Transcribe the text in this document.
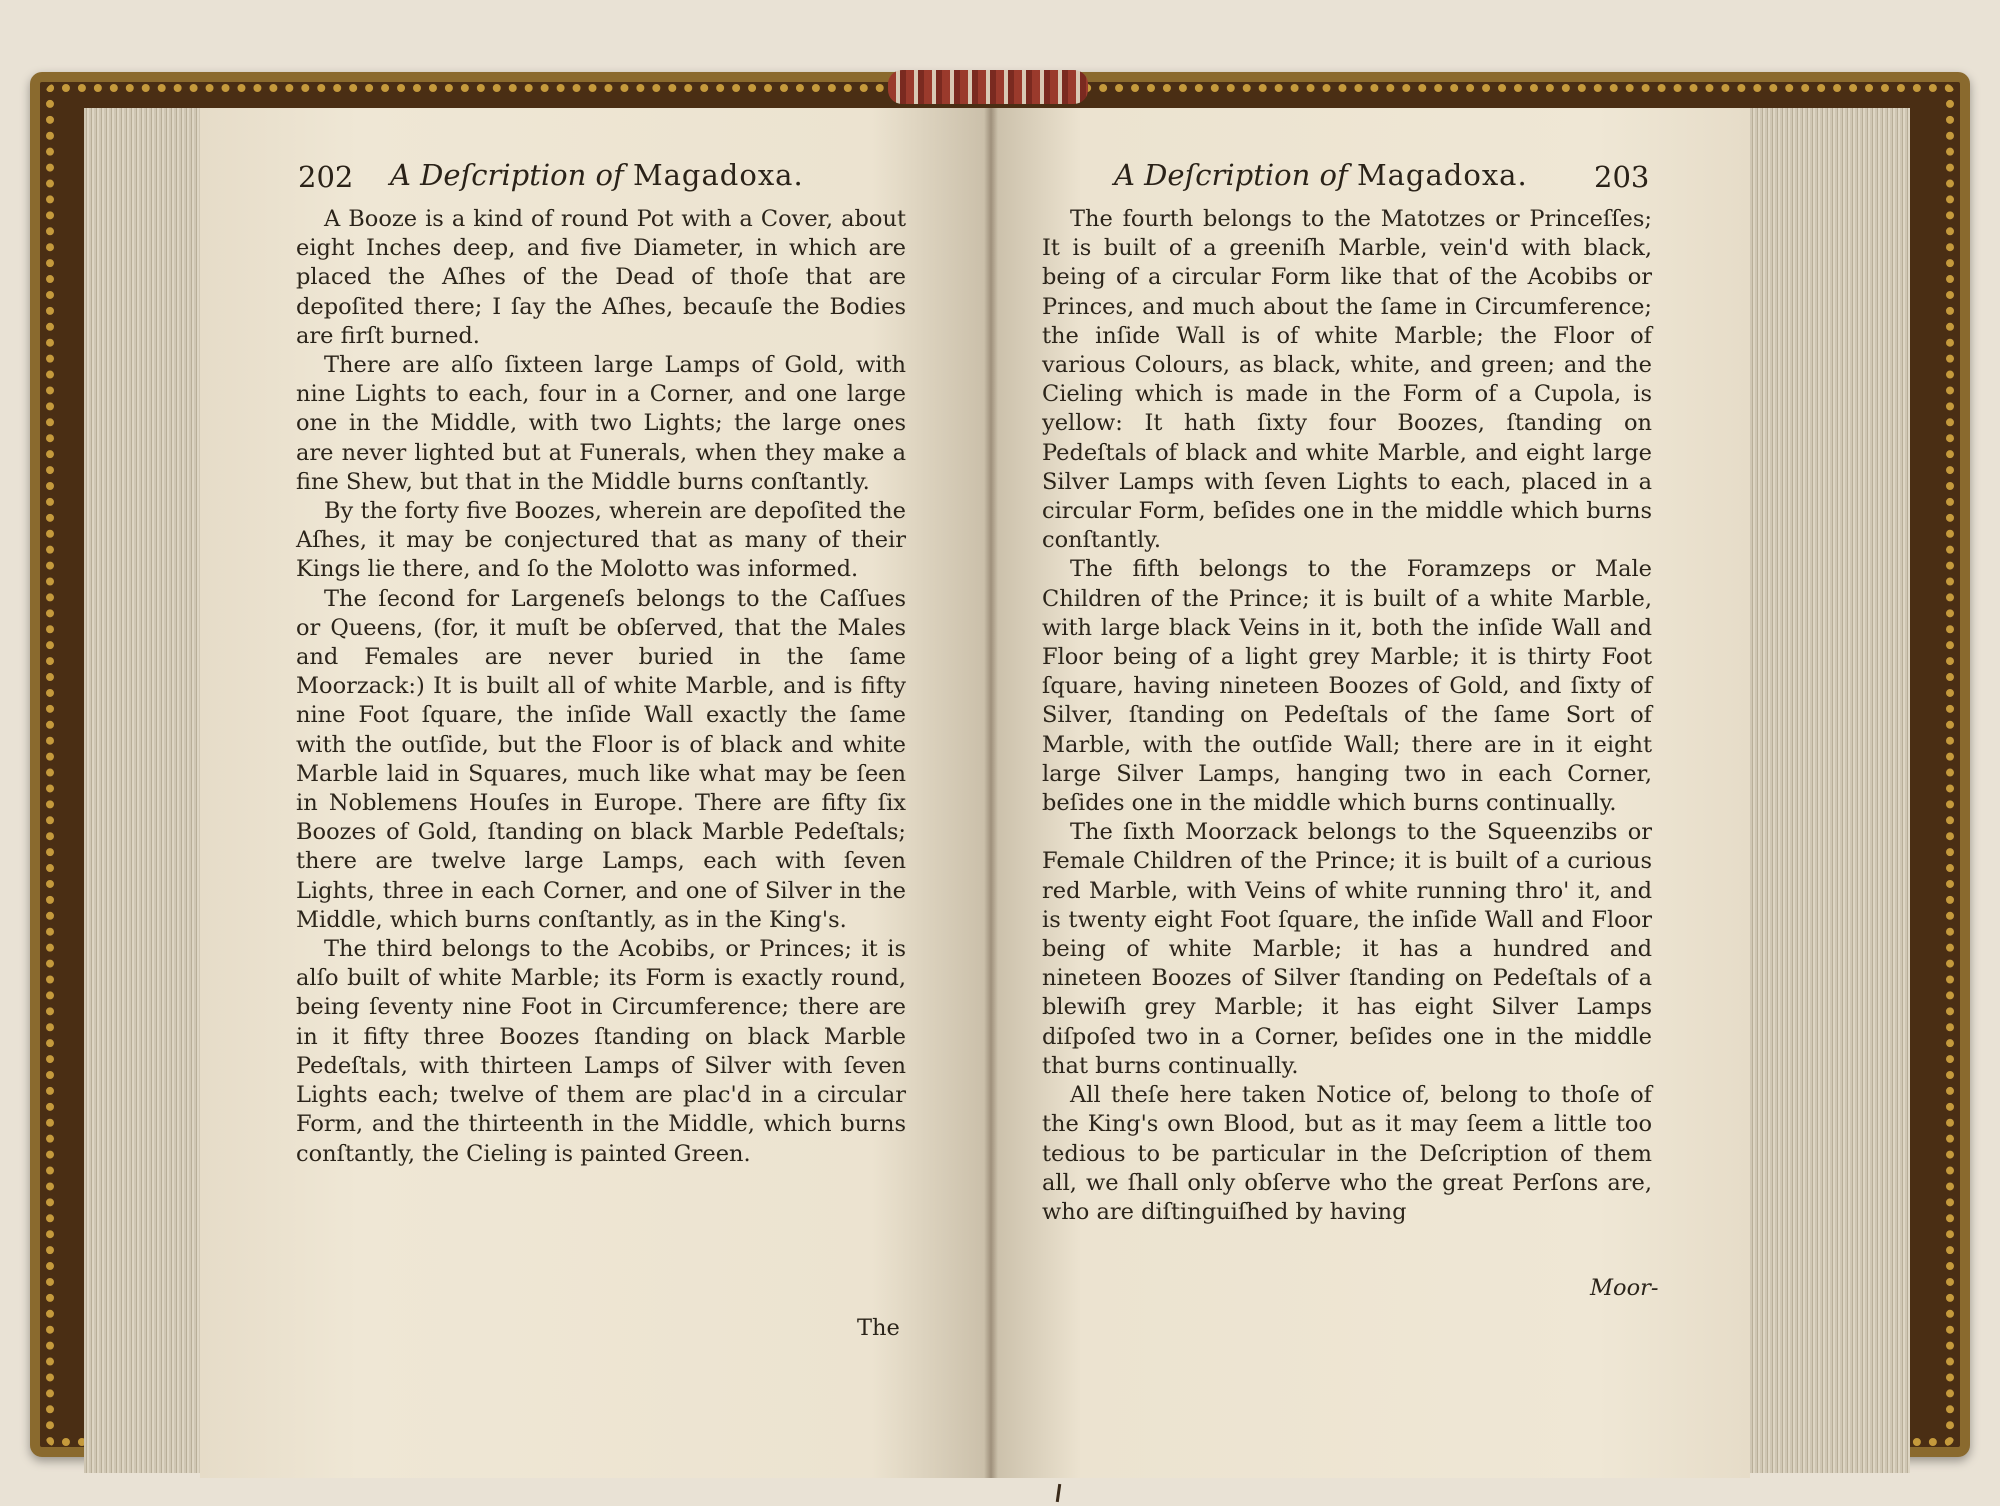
202 A Deſcription of Magadoxa.

A Booze is a kind of round Pot with a Cover, about eight Inches deep, and five Diameter, in which are placed the Aſhes of the Dead of thoſe that are depoſited there; I ſay the Aſhes, becauſe the Bodies are firſt burned.

There are alſo ſixteen large Lamps of Gold, with nine Lights to each, four in a Corner, and one large one in the Middle, with two Lights; the large ones are never lighted but at Funerals, when they make a fine Shew, but that in the Middle burns conſtantly.

By the forty five Boozes, wherein are depoſited the Aſhes, it may be conjectured that as many of their Kings lie there, and ſo the Molotto was informed.

The ſecond for Largeneſs belongs to the Caſſues or Queens, (for, it muſt be obſerved, that the Males and Females are never buried in the ſame Moorzack:) It is built all of white Marble, and is fifty nine Foot ſquare, the inſide Wall exactly the ſame with the outſide, but the Floor is of black and white Marble laid in Squares, much like what may be ſeen in Noblemens Houſes in Europe. There are fifty ſix Boozes of Gold, ſtanding on black Marble Pedeſtals; there are twelve large Lamps, each with ſeven Lights, three in each Corner, and one of Silver in the Middle, which burns conſtantly, as in the King's.

The third belongs to the Acobibs, or Princes; it is alſo built of white Marble; its Form is exactly round, being ſeventy nine Foot in Circumference; there are in it fifty three Boozes ſtanding on black Marble Pedeſtals, with thirteen Lamps of Silver with ſeven Lights each; twelve of them are plac'd in a circular Form, and the thirteenth in the Middle, which burns conſtantly, the Cieling is painted Green.

The
A Deſcription of Magadoxa. 203

The fourth belongs to the Matotzes or Princeſſes; It is built of a greeniſh Marble, vein'd with black, being of a circular Form like that of the Acobibs or Princes, and much about the ſame in Circumference; the inſide Wall is of white Marble; the Floor of various Colours, as black, white, and green; and the Cieling which is made in the Form of a Cupola, is yellow: It hath ſixty four Boozes, ſtanding on Pedeſtals of black and white Marble, and eight large Silver Lamps with ſeven Lights to each, placed in a circular Form, beſides one in the middle which burns conſtantly.

The fifth belongs to the Foramzeps or Male Children of the Prince; it is built of a white Marble, with large black Veins in it, both the inſide Wall and Floor being of a light grey Marble; it is thirty Foot ſquare, having nineteen Boozes of Gold, and ſixty of Silver, ſtanding on Pedeſtals of the ſame Sort of Marble, with the outſide Wall; there are in it eight large Silver Lamps, hanging two in each Corner, beſides one in the middle which burns continually.

The ſixth Moorzack belongs to the Squeenzibs or Female Children of the Prince; it is built of a curious red Marble, with Veins of white running thro' it, and is twenty eight Foot ſquare, the inſide Wall and Floor being of white Marble; it has a hundred and nineteen Boozes of Silver ſtanding on Pedeſtals of a blewiſh grey Marble; it has eight Silver Lamps diſpoſed two in a Corner, beſides one in the middle that burns continually.

All theſe here taken Notice of, belong to thoſe of the King's own Blood, but as it may ſeem a little too tedious to be particular in the Deſcription of them all, we ſhall only obſerve who the great Perſons are, who are diſtinguiſhed by having

Moor-
